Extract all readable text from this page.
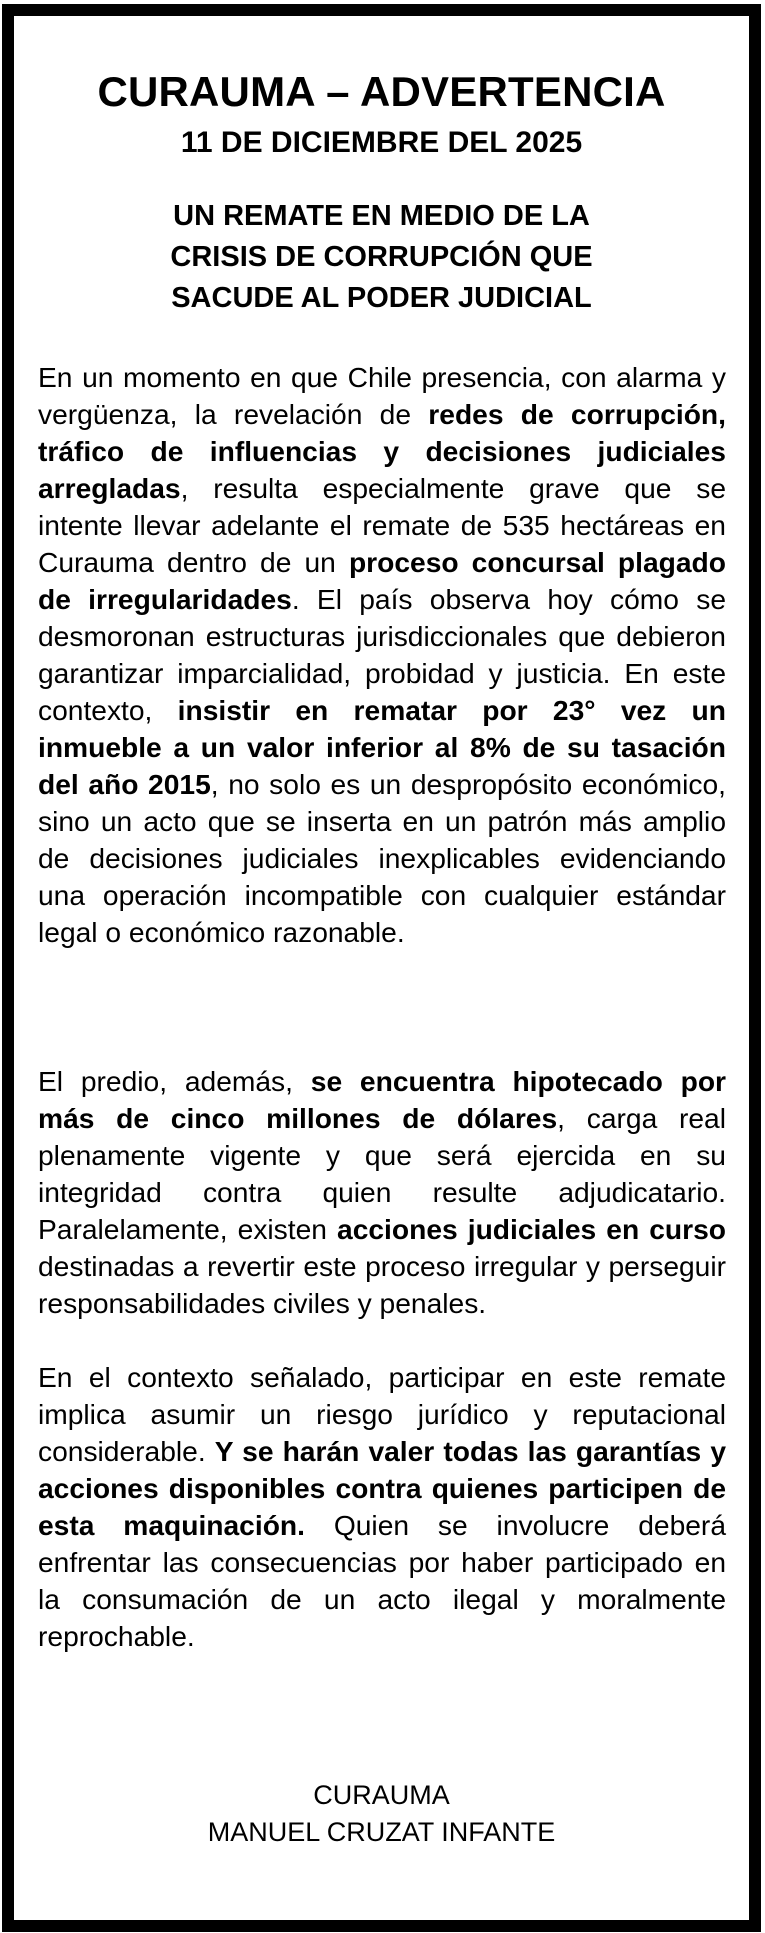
CURAUMA – ADVERTENCIA
11 DE DICIEMBRE DEL 2025
UN REMATE EN MEDIO DE LA
CRISIS DE CORRUPCIÓN QUE
SACUDE AL PODER JUDICIAL
En un momento en que Chile presencia, con alarma y vergüenza, la revelación de redes de corrupción, tráfico de influencias y decisiones judiciales arregladas, resulta especialmente grave que se intente llevar adelante el remate de 535 hectáreas en Curauma dentro de un proceso concursal plagado de irregularidades. El país observa hoy cómo se desmoronan estructuras jurisdiccionales que debieron garantizar imparcialidad, probidad y justicia. En este contexto, insistir en rematar por 23° vez un inmueble a un valor inferior al 8% de su tasación del año 2015, no solo es un despropósito económico, sino un acto que se inserta en un patrón más amplio de decisiones judiciales inexplicables evidenciando una operación incompatible con cualquier estándar legal o económico razonable.
El predio, además, se encuentra hipotecado por más de cinco millones de dólares, carga real plenamente vigente y que será ejercida en su integridad contra quien resulte adjudicatario. Paralelamente, existen acciones judiciales en curso destinadas a revertir este proceso irregular y perseguir responsabilidades civiles y penales.
En el contexto señalado, participar en este remate implica asumir un riesgo jurídico y reputacional considerable. Y se harán valer todas las garantías y acciones disponibles contra quienes participen de esta maquinación. Quien se involucre deberá enfrentar las consecuencias por haber participado en la consumación de un acto ilegal y moralmente reprochable.
CURAUMA
MANUEL CRUZAT INFANTE
